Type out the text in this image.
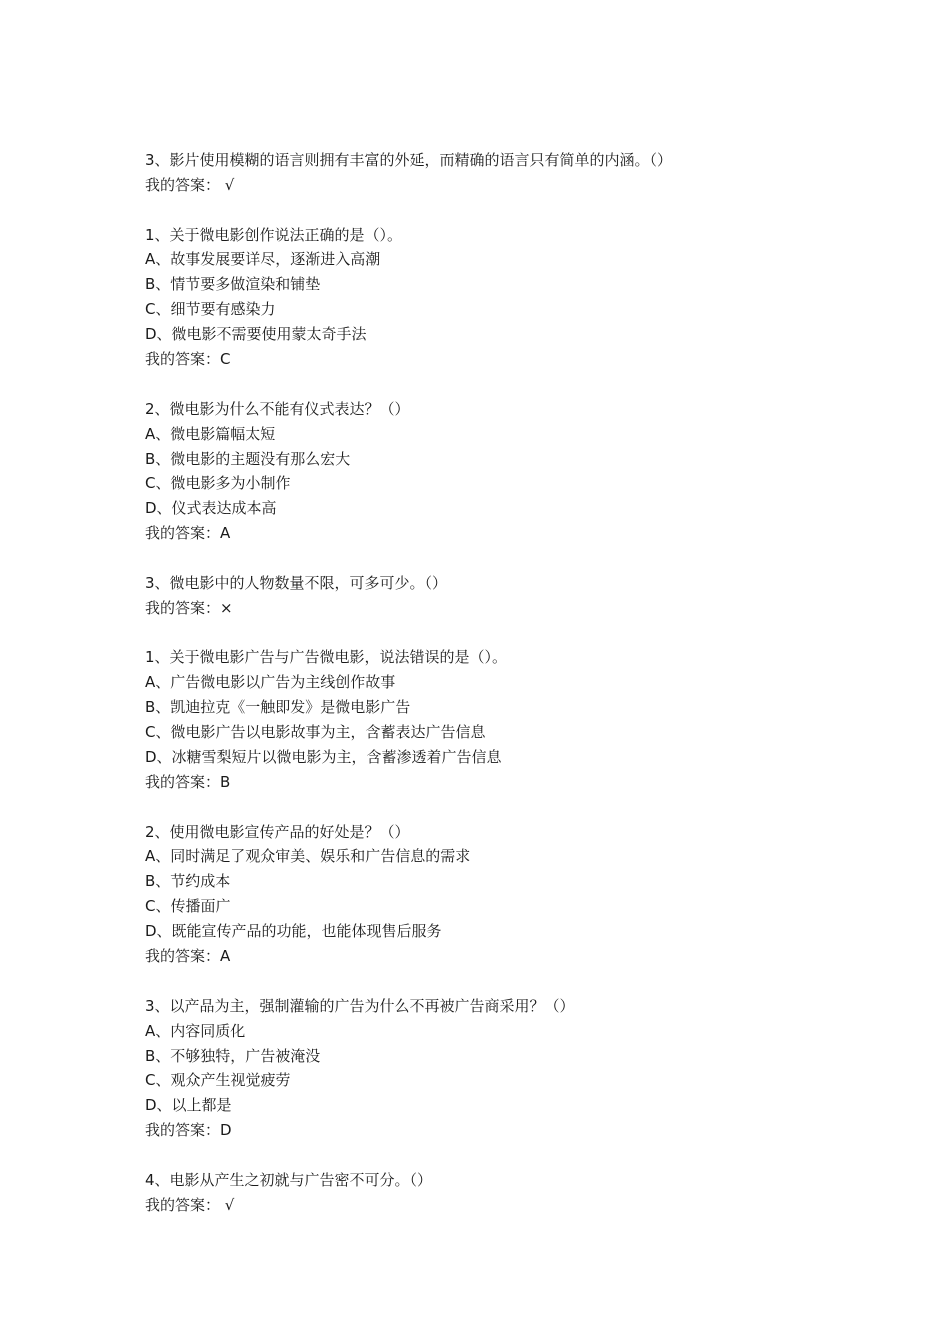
3、影片使用模糊的语言则拥有丰富的外延，而精确的语言只有简单的内涵。（）
我的答案： √
1、关于微电影创作说法正确的是（）。
A、故事发展要详尽，逐渐进入高潮
B、情节要多做渲染和铺垫
C、细节要有感染力
D、微电影不需要使用蒙太奇手法
我的答案：C
2、微电影为什么不能有仪式表达？（）
A、微电影篇幅太短
B、微电影的主题没有那么宏大
C、微电影多为小制作
D、仪式表达成本高
我的答案：A
3、微电影中的人物数量不限，可多可少。（）
我的答案：×
1、关于微电影广告与广告微电影，说法错误的是（）。
A、广告微电影以广告为主线创作故事
B、凯迪拉克《一触即发》是微电影广告
C、微电影广告以电影故事为主，含蓄表达广告信息
D、冰糖雪梨短片以微电影为主，含蓄渗透着广告信息
我的答案：B
2、使用微电影宣传产品的好处是？（）
A、同时满足了观众审美、娱乐和广告信息的需求
B、节约成本
C、传播面广
D、既能宣传产品的功能，也能体现售后服务
我的答案：A
3、以产品为主，强制灌输的广告为什么不再被广告商采用？（）
A、内容同质化
B、不够独特，广告被淹没
C、观众产生视觉疲劳
D、以上都是
我的答案：D
4、电影从产生之初就与广告密不可分。（）
我的答案： √
